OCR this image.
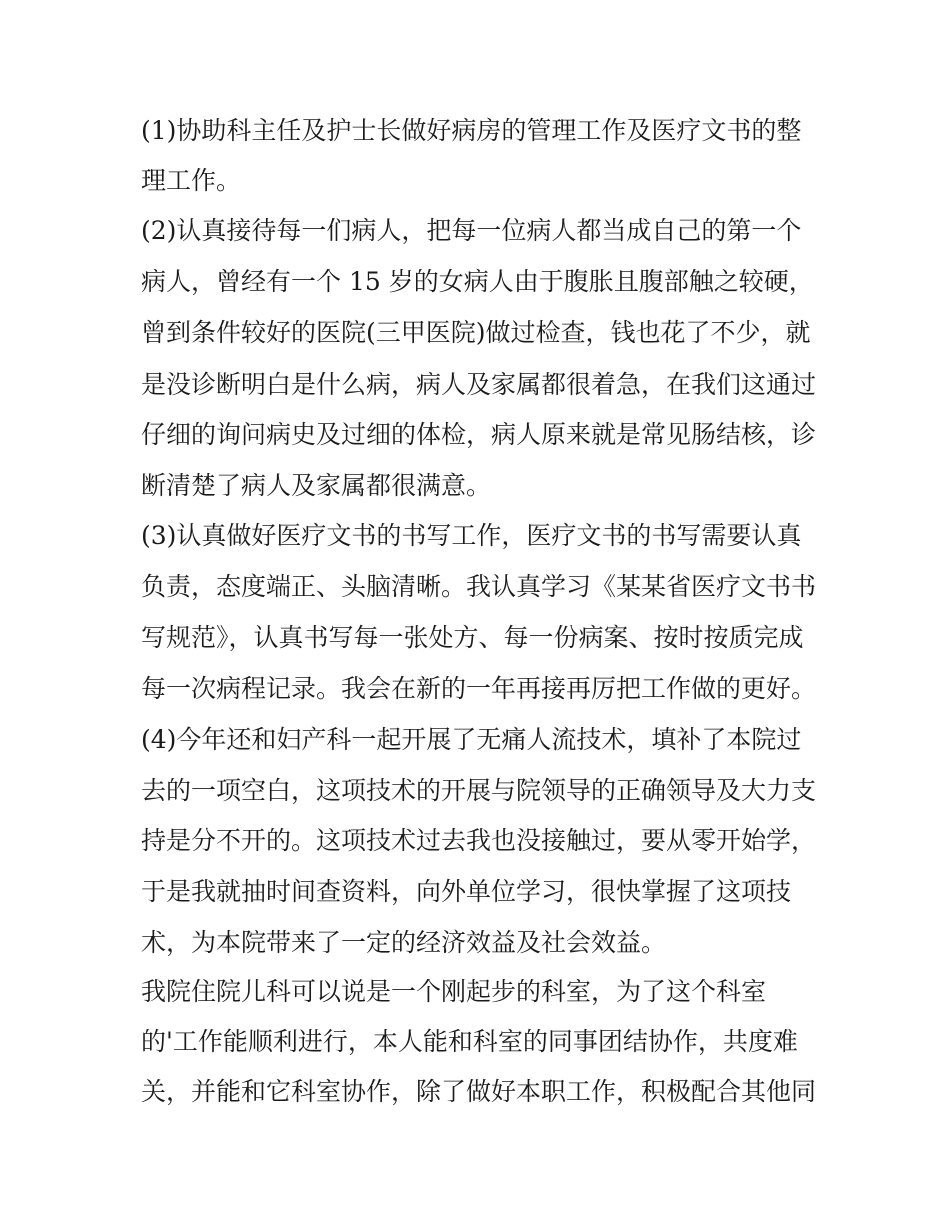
(1)协助科主任及护士长做好病房的管理工作及医疗文书的整
理工作。
(2)认真接待每一们病人，把每一位病人都当成自己的第一个
病人，曾经有一个 15 岁的女病人由于腹胀且腹部触之较硬，
曾到条件较好的医院(三甲医院)做过检查，钱也花了不少，就
是没诊断明白是什么病，病人及家属都很着急，在我们这通过
仔细的询问病史及过细的体检，病人原来就是常见肠结核，诊
断清楚了病人及家属都很满意。
(3)认真做好医疗文书的书写工作，医疗文书的书写需要认真
负责，态度端正、头脑清晰。我认真学习《某某省医疗文书书
写规范》，认真书写每一张处方、每一份病案、按时按质完成
每一次病程记录。我会在新的一年再接再厉把工作做的更好。
(4)今年还和妇产科一起开展了无痛人流技术，填补了本院过
去的一项空白，这项技术的开展与院领导的正确领导及大力支
持是分不开的。这项技术过去我也没接触过，要从零开始学，
于是我就抽时间查资料，向外单位学习，很快掌握了这项技
术，为本院带来了一定的经济效益及社会效益。
我院住院儿科可以说是一个刚起步的科室，为了这个科室
的'工作能顺利进行，本人能和科室的同事团结协作，共度难
关，并能和它科室协作，除了做好本职工作，积极配合其他同
